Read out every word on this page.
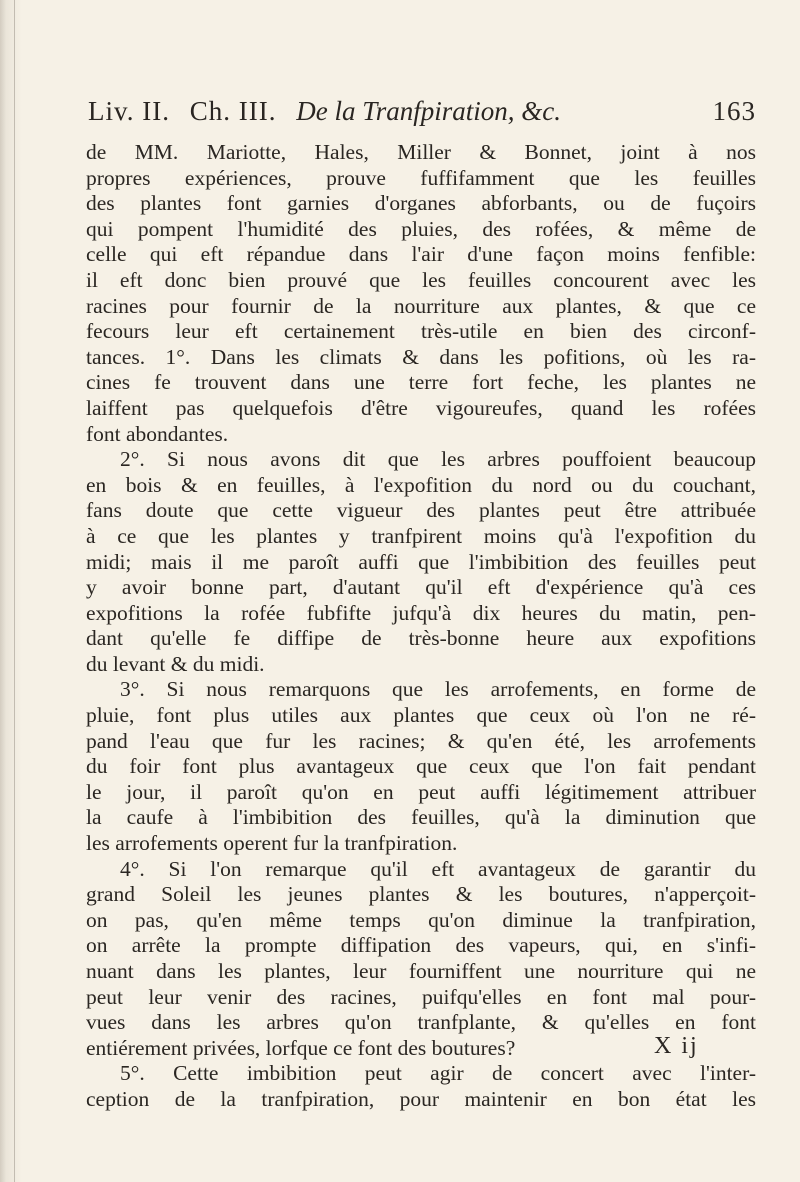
Liv. II. Ch. III. De la Tranfpiration, &c.	163
de MM. Mariotte, Hales, Miller & Bonnet, joint à nos
propres expériences, prouve fuffifamment que les feuilles
des plantes font garnies d'organes abforbants, ou de fuçoirs
qui pompent l'humidité des pluies, des rofées, & même de
celle qui eft répandue dans l'air d'une façon moins fenfible:
il eft donc bien prouvé que les feuilles concourent avec les
racines pour fournir de la nourriture aux plantes, & que ce
fecours leur eft certainement très-utile en bien des circonf-
tances. 1°. Dans les climats & dans les pofitions, où les ra-
cines fe trouvent dans une terre fort feche, les plantes ne
laiffent pas quelquefois d'être vigoureufes, quand les rofées
font abondantes.
2°. Si nous avons dit que les arbres pouffoient beaucoup
en bois & en feuilles, à l'expofition du nord ou du couchant,
fans doute que cette vigueur des plantes peut être attribuée
à ce que les plantes y tranfpirent moins qu'à l'expofition du
midi; mais il me paroît auffi que l'imbibition des feuilles peut
y avoir bonne part, d'autant qu'il eft d'expérience qu'à ces
expofitions la rofée fubfifte jufqu'à dix heures du matin, pen-
dant qu'elle fe diffipe de très-bonne heure aux expofitions
du levant & du midi.
3°. Si nous remarquons que les arrofements, en forme de
pluie, font plus utiles aux plantes que ceux où l'on ne ré-
pand l'eau que fur les racines; & qu'en été, les arrofements
du foir font plus avantageux que ceux que l'on fait pendant
le jour, il paroît qu'on en peut auffi légitimement attribuer
la caufe à l'imbibition des feuilles, qu'à la diminution que
les arrofements operent fur la tranfpiration.
4°. Si l'on remarque qu'il eft avantageux de garantir du
grand Soleil les jeunes plantes & les boutures, n'apperçoit-
on pas, qu'en même temps qu'on diminue la tranfpiration,
on arrête la prompte diffipation des vapeurs, qui, en s'infi-
nuant dans les plantes, leur fourniffent une nourriture qui ne
peut leur venir des racines, puifqu'elles en font mal pour-
vues dans les arbres qu'on tranfplante, & qu'elles en font
entiérement privées, lorfque ce font des boutures?
5°. Cette imbibition peut agir de concert avec l'inter-
ception de la tranfpiration, pour maintenir en bon état les
X ij
